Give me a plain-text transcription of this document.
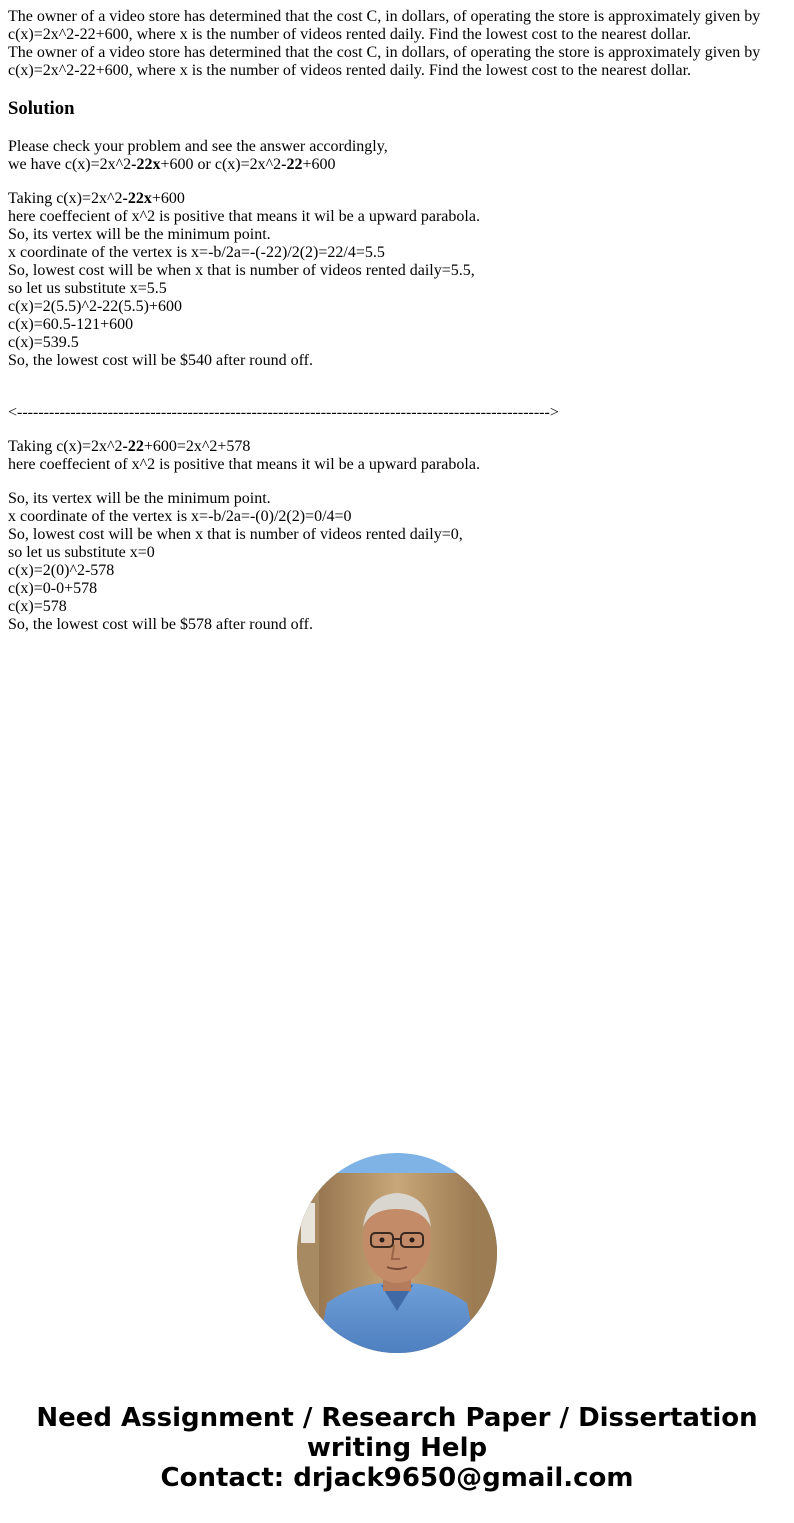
The owner of a video store has determined that the cost C, in dollars, of operating the store is approximately given by
c(x)=2x^2-22+600, where x is the number of videos rented daily. Find the lowest cost to the nearest dollar.
The owner of a video store has determined that the cost C, in dollars, of operating the store is approximately given by
c(x)=2x^2-22+600, where x is the number of videos rented daily. Find the lowest cost to the nearest dollar.
Solution
Please check your problem and see the answer accordingly,
we have c(x)=2x^2-22x+600 or c(x)=2x^2-22+600
Taking c(x)=2x^2-22x+600
here coeffecient of x^2 is positive that means it wil be a upward parabola.
So, its vertex will be the minimum point.
x coordinate of the vertex is x=-b/2a=-(-22)/2(2)=22/4=5.5
So, lowest cost will be when x that is number of videos rented daily=5.5,
so let us substitute x=5.5
c(x)=2(5.5)^2-22(5.5)+600
c(x)=60.5-121+600
c(x)=539.5
So, the lowest cost will be $540 after round off.
<---------------------------------------------------------------------------------------------------->
Taking c(x)=2x^2-22+600=2x^2+578
here coeffecient of x^2 is positive that means it wil be a upward parabola.
So, its vertex will be the minimum point.
x coordinate of the vertex is x=-b/2a=-(0)/2(2)=0/4=0
So, lowest cost will be when x that is number of videos rented daily=0,
so let us substitute x=0
c(x)=2(0)^2-578
c(x)=0-0+578
c(x)=578
So, the lowest cost will be $578 after round off.
Need Assignment / Research Paper / Dissertation
writing Help
Contact: drjack9650@gmail.com
